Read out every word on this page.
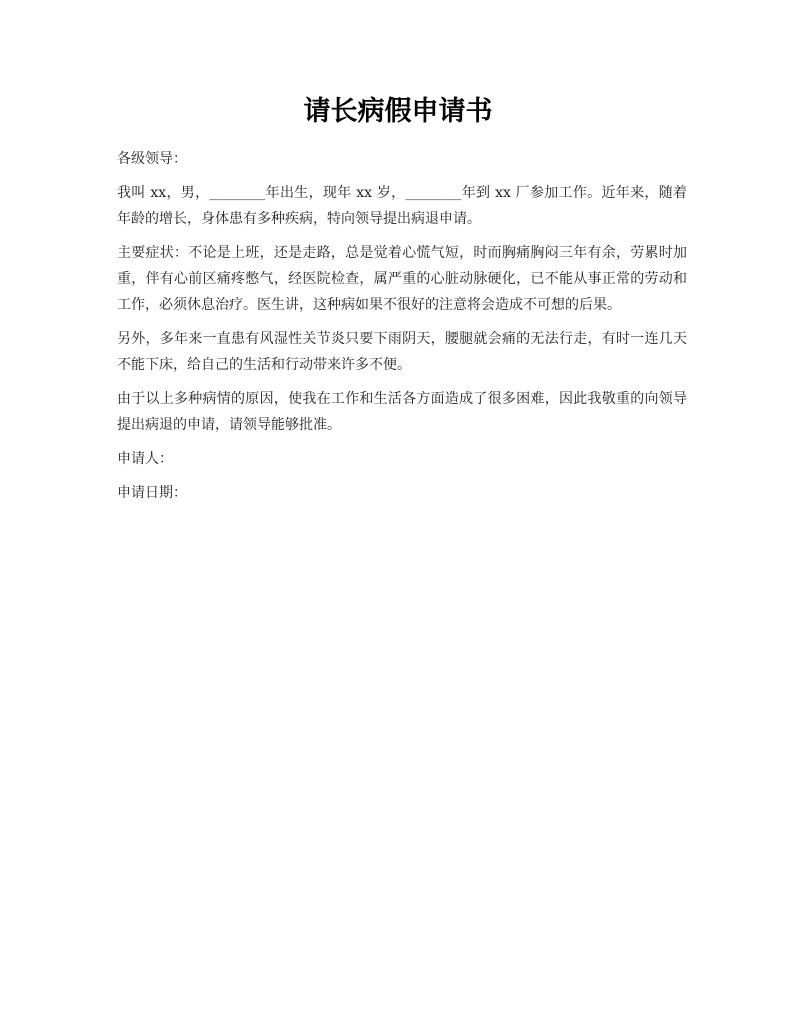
请长病假申请书

各级领导：

我叫 xx，男，________年出生，现年 xx 岁，________年到 xx 厂参加工作。近年来，随着年龄的增长，身体患有多种疾病，特向领导提出病退申请。

主要症状：不论是上班，还是走路，总是觉着心慌气短，时而胸痛胸闷三年有余，劳累时加重，伴有心前区痛疼憋气，经医院检查，属严重的心脏动脉硬化，已不能从事正常的劳动和工作，必须休息治疗。医生讲，这种病如果不很好的注意将会造成不可想的后果。

另外，多年来一直患有风湿性关节炎只要下雨阴天，腰腿就会痛的无法行走，有时一连几天不能下床，给自己的生活和行动带来许多不便。

由于以上多种病情的原因，使我在工作和生活各方面造成了很多困难，因此我敬重的向领导提出病退的申请，请领导能够批准。

申请人：

申请日期：
